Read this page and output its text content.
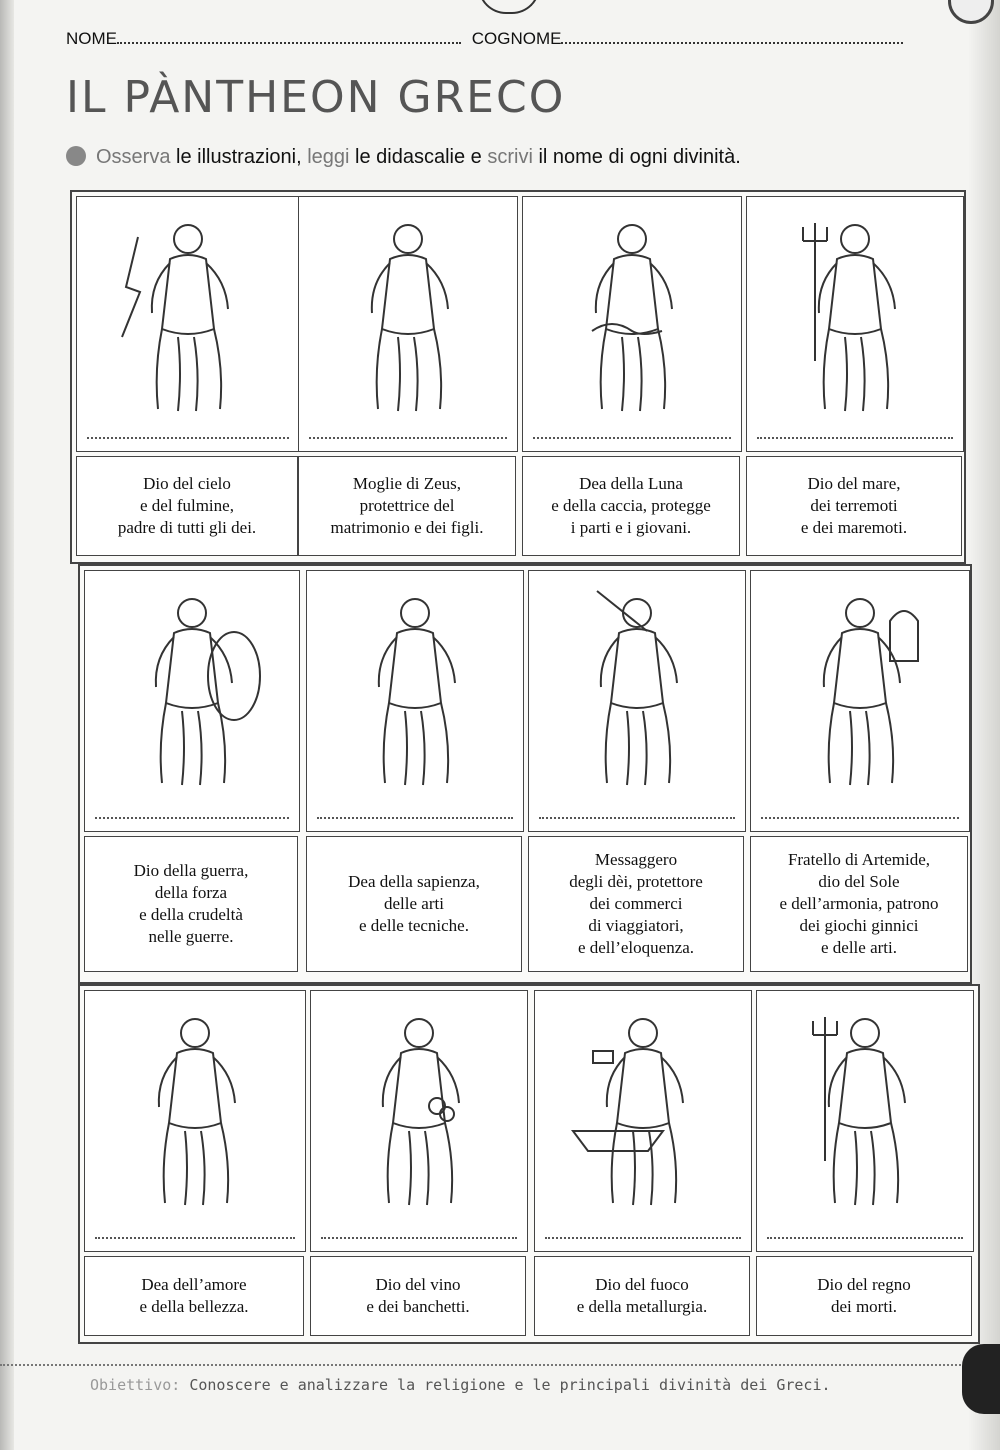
NOME	COGNOME
IL PÀNTHEON GRECO
Osserva le illustrazioni, leggi le didascalie e scrivi il nome di ogni divinità.
Dio del cielo
e del fulmine,
padre di tutti gli dei.
Moglie di Zeus,
protettrice del
matrimonio e dei figli.
Dea della Luna
e della caccia, protegge
i parti e i giovani.
Dio del mare,
dei terremoti
e dei maremoti.
Dio della guerra,
della forza
e della crudeltà
nelle guerre.
Dea della sapienza,
delle arti
e delle tecniche.
Messaggero
degli dèi, protettore
dei commerci
di viaggiatori,
e dell’eloquenza.
Fratello di Artemide,
dio del Sole
e dell’armonia, patrono
dei giochi ginnici
e delle arti.
Dea dell’amore
e della bellezza.
Dio del vino
e dei banchetti.
Dio del fuoco
e della metallurgia.
Dio del regno
dei morti.
Obiettivo: Conoscere e analizzare la religione e le principali divinità dei Greci.
